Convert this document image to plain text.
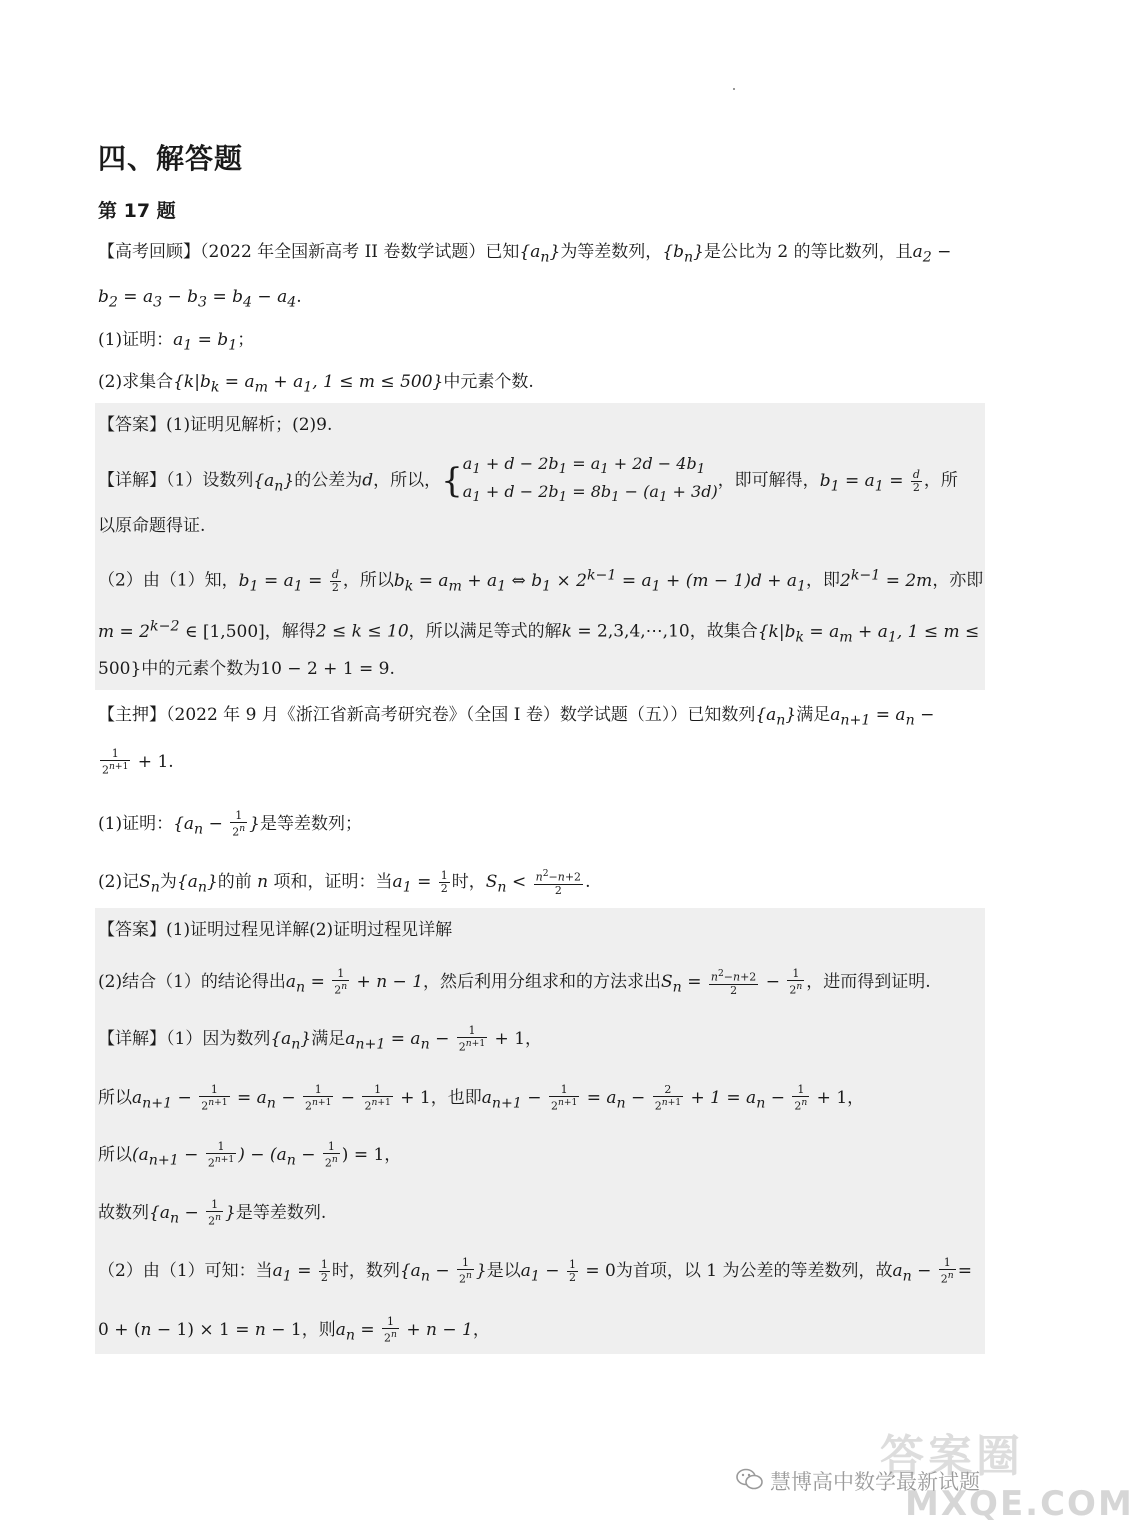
四、解答题
第 17 题
【高考回顾】（2022 年全国新高考 II 卷数学试题）已知$\{a_n\}$为等差数列，$\{b_n\}$是公比为 2 的等比数列，且$a_2$ −
$b_2 = a_3 - b_3 = b_4 - a_4$.
(1)证明：$a_1 = b_1$；
(2)求集合{$k|b_k = a_m + a_1$, 1 ≤ m ≤ 500}中元素个数.
【答案】(1)证明见解析；(2)9.
【详解】（1）设数列$\{a_n\}$的公差为d，所以，{ $a_1 + d - 2b_1 = a_1 + 2d - 4b_1$
$a_1 + d - 2b_1 = 8b_1 - (a_1 + 3d)$
，即可解得，$b_1 = a_1 = \frac{d}{2}$ ，所
以原命题得证.
（2）由（1）知，$b_1 = a_1 = \frac{d}{2}$ ，所以$b_k = a_m + a_1$ ⇔ $b_1 \times 2^{k-1} = a_1 + (m - 1)d + a_1$，即$2^{k-1} = 2m$，亦即
$m = 2^{k-2}$ ∈ [1,500]，解得2 ≤ k ≤ 10，所以满足等式的解k = 2,3,4,⋯,10，故集合{$k|b_k = a_m + a_1$, 1 ≤ m ≤
500}中的元素个数为10 − 2 + 1 = 9.
【主押】（2022 年 9 月《浙江省新高考研究卷》（全国 I 卷）数学试题（五））已知数列$\{a_n\}$满足$a_{n+1} = a_n$ −
$\frac{1}{2^{n+1}} + 1$.
(1)证明：{$a_n - \frac{1}{2^n}$ }是等差数列；
(2)记$S_n$为$\{a_n\}$的前 n 项和，证明：当$a_1 = \frac{1}{2}$ 时，$S_n < \frac{n^2-n+2}{2}$ .
【答案】(1)证明过程见详解(2)证明过程见详解
(2)结合（1）的结论得出$a_n = \frac{1}{2^n} + n - 1$，然后利用分组求和的方法求出$S_n = \frac{n^2-n+2}{2} - \frac{1}{2^n}$ ，进而得到证明.
【详解】（1）因为数列$\{a_n\}$满足$a_{n+1} = a_n - \frac{1}{2^{n+1}} + 1$，
所以$a_{n+1} - \frac{1}{2^{n+1}} = a_n - \frac{1}{2^{n+1}} - \frac{1}{2^{n+1}} + 1$，也即$a_{n+1} - \frac{1}{2^{n+1}} = a_n - \frac{2}{2^{n+1}} + 1 = a_n - \frac{1}{2^n} + 1$，
所以($a_{n+1} - \frac{1}{2^{n+1}}$ ) − ($a_n - \frac{1}{2^n}$ ) = 1，
故数列{$a_n - \frac{1}{2^n}$ }是等差数列.
（2）由（1）可知：当$a_1 = \frac{1}{2}$ 时，数列{$a_n - \frac{1}{2^n}$ }是以$a_1 - \frac{1}{2} = 0$为首项，以 1 为公差的等差数列，故$a_n - \frac{1}{2^n}$ =
0 + (n − 1) × 1 = n − 1，则$a_n = \frac{1}{2^n} + n - 1$，
答案圈
慧博高中数学最新试题
MXQE.COM
